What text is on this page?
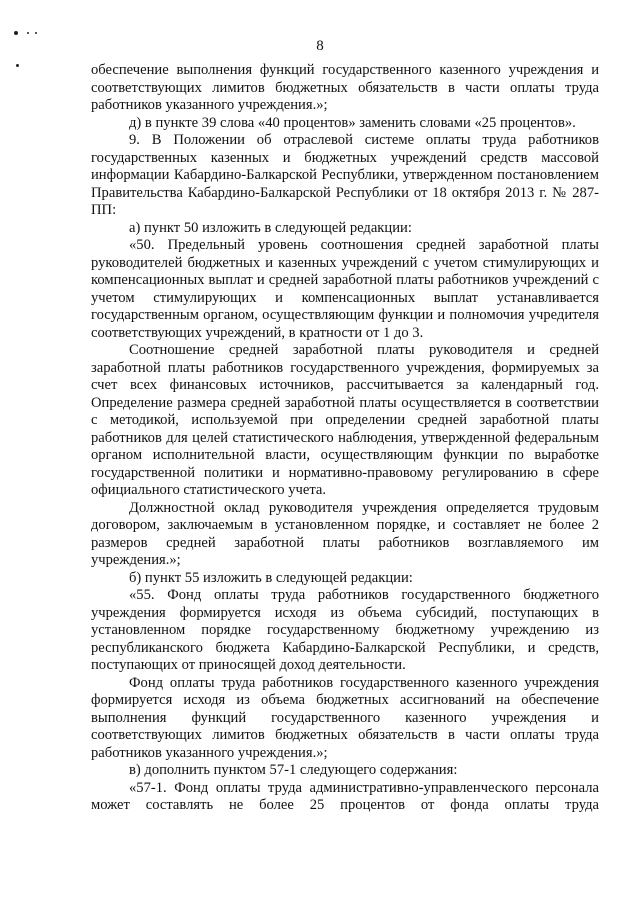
8

обеспечение выполнения функций государственного казенного учреждения и соответствующих лимитов бюджетных обязательств в части оплаты труда работников указанного учреждения.»;

д) в пункте 39 слова «40 процентов» заменить словами «25 процентов».

9. В Положении об отраслевой системе оплаты труда работников государственных казенных и бюджетных учреждений средств массовой информации Кабардино-Балкарской Республики, утвержденном постановлением Правительства Кабардино-Балкарской Республики от 18 октября 2013 г. № 287-ПП:

а) пункт 50 изложить в следующей редакции:

«50. Предельный уровень соотношения средней заработной платы руководителей бюджетных и казенных учреждений с учетом стимулирующих и компенсационных выплат и средней заработной платы работников учреждений с учетом стимулирующих и компенсационных выплат устанавливается государственным органом, осуществляющим функции и полномочия учредителя соответствующих учреждений, в кратности от 1 до 3.

Соотношение средней заработной платы руководителя и средней заработной платы работников государственного учреждения, формируемых за счет всех финансовых источников, рассчитывается за календарный год. Определение размера средней заработной платы осуществляется в соответствии с методикой, используемой при определении средней заработной платы работников для целей статистического наблюдения, утвержденной федеральным органом исполнительной власти, осуществляющим функции по выработке государственной политики и нормативно-правовому регулированию в сфере официального статистического учета.

Должностной оклад руководителя учреждения определяется трудовым договором, заключаемым в установленном порядке, и составляет не более 2 размеров средней заработной платы работников возглавляемого им учреждения.»;

б) пункт 55 изложить в следующей редакции:

«55. Фонд оплаты труда работников государственного бюджетного учреждения формируется исходя из объема субсидий, поступающих в установленном порядке государственному бюджетному учреждению из республиканского бюджета Кабардино-Балкарской Республики, и средств, поступающих от приносящей доход деятельности.

Фонд оплаты труда работников государственного казенного учреждения формируется исходя из объема бюджетных ассигнований на обеспечение выполнения функций государственного казенного учреждения и соответствующих лимитов бюджетных обязательств в части оплаты труда работников указанного учреждения.»;

в) дополнить пунктом 57-1 следующего содержания:

«57-1. Фонд оплаты труда административно-управленческого персонала может составлять не более 25 процентов от фонда оплаты труда
